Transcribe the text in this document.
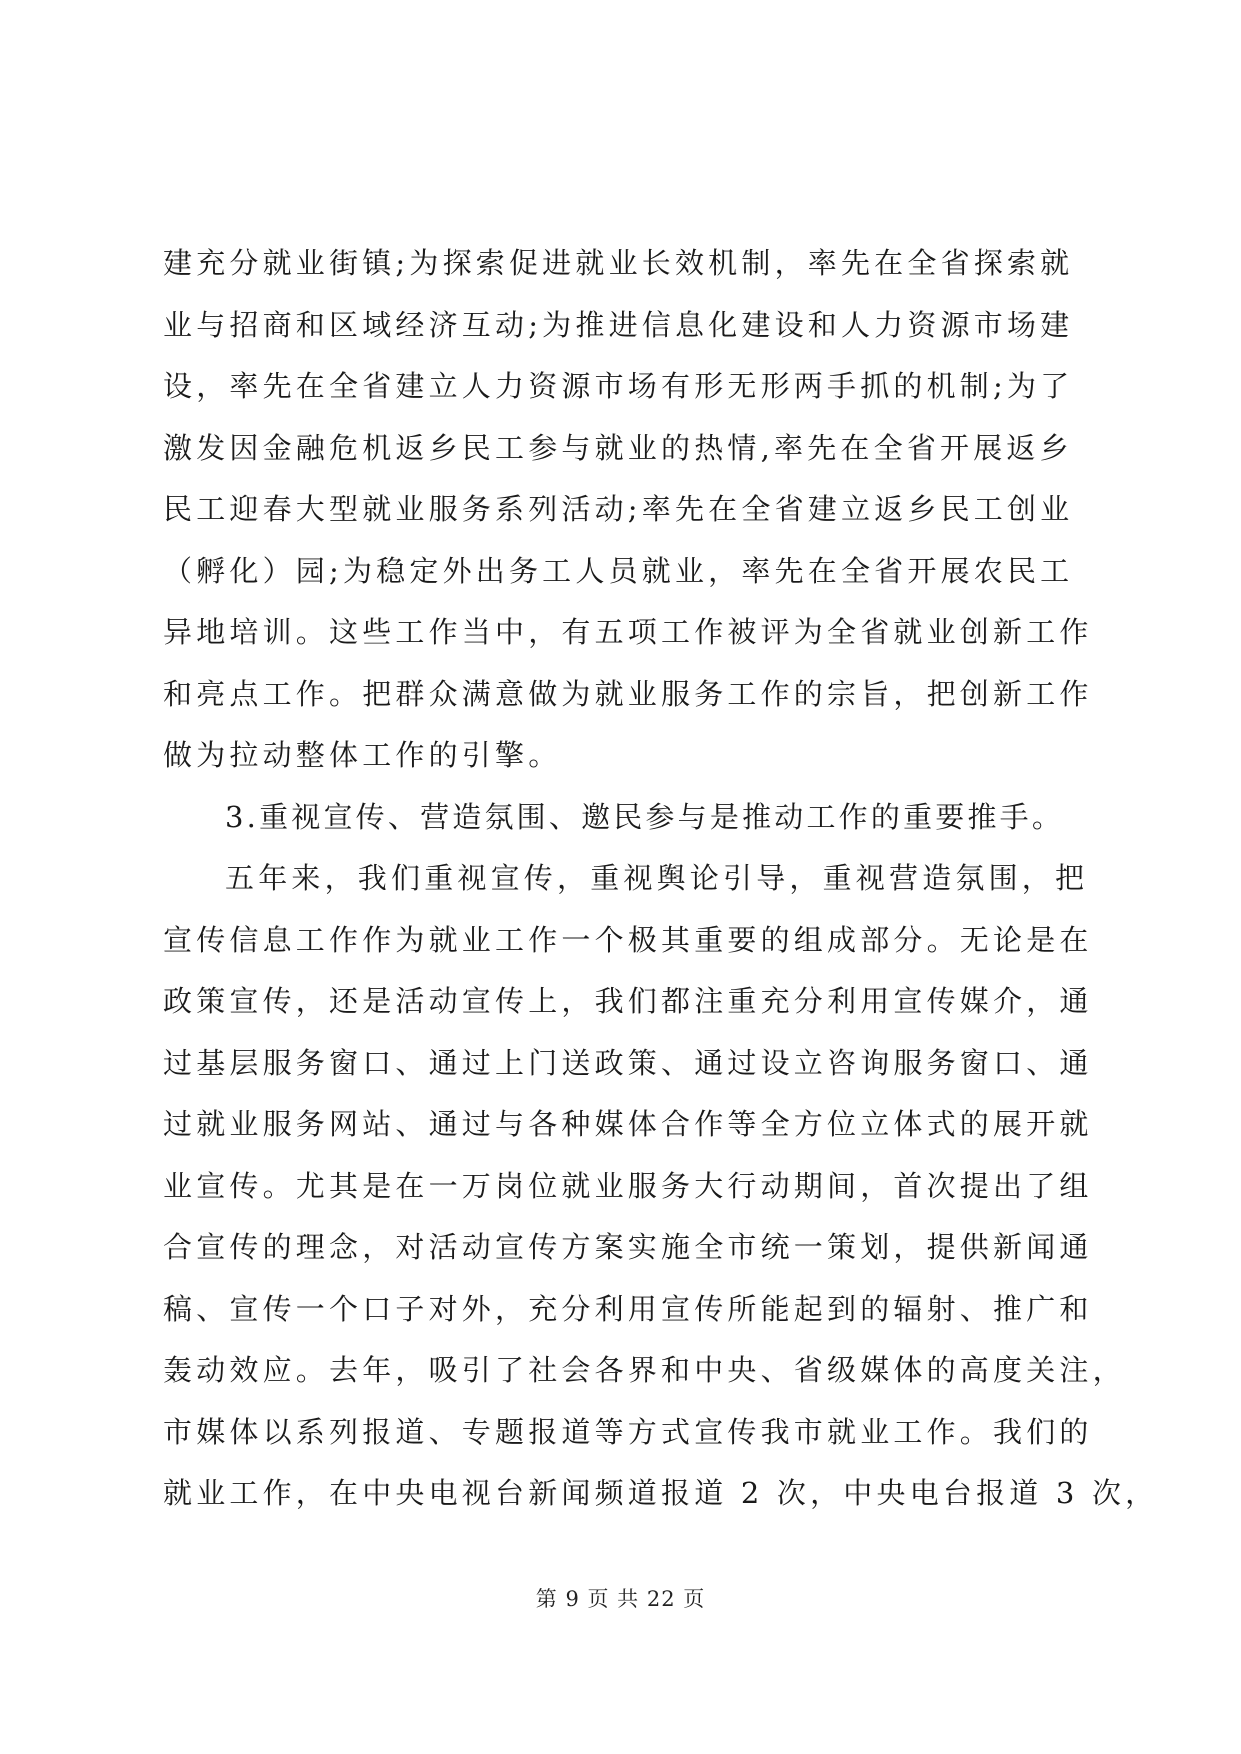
建充分就业街镇;为探索促进就业长效机制，率先在全省探索就
业与招商和区域经济互动;为推进信息化建设和人力资源市场建
设，率先在全省建立人力资源市场有形无形两手抓的机制;为了
激发因金融危机返乡民工参与就业的热情,率先在全省开展返乡
民工迎春大型就业服务系列活动;率先在全省建立返乡民工创业
（孵化）园;为稳定外出务工人员就业，率先在全省开展农民工
异地培训。这些工作当中，有五项工作被评为全省就业创新工作
和亮点工作。把群众满意做为就业服务工作的宗旨，把创新工作
做为拉动整体工作的引擎。
3.重视宣传、营造氛围、邀民参与是推动工作的重要推手。
五年来，我们重视宣传，重视舆论引导，重视营造氛围，把
宣传信息工作作为就业工作一个极其重要的组成部分。无论是在
政策宣传，还是活动宣传上，我们都注重充分利用宣传媒介，通
过基层服务窗口、通过上门送政策、通过设立咨询服务窗口、通
过就业服务网站、通过与各种媒体合作等全方位立体式的展开就
业宣传。尤其是在一万岗位就业服务大行动期间，首次提出了组
合宣传的理念，对活动宣传方案实施全市统一策划，提供新闻通
稿、宣传一个口子对外，充分利用宣传所能起到的辐射、推广和
轰动效应。去年，吸引了社会各界和中央、省级媒体的高度关注，
市媒体以系列报道、专题报道等方式宣传我市就业工作。我们的
就业工作，在中央电视台新闻频道报道 2 次，中央电台报道 3 次，
第 9 页 共 22 页
